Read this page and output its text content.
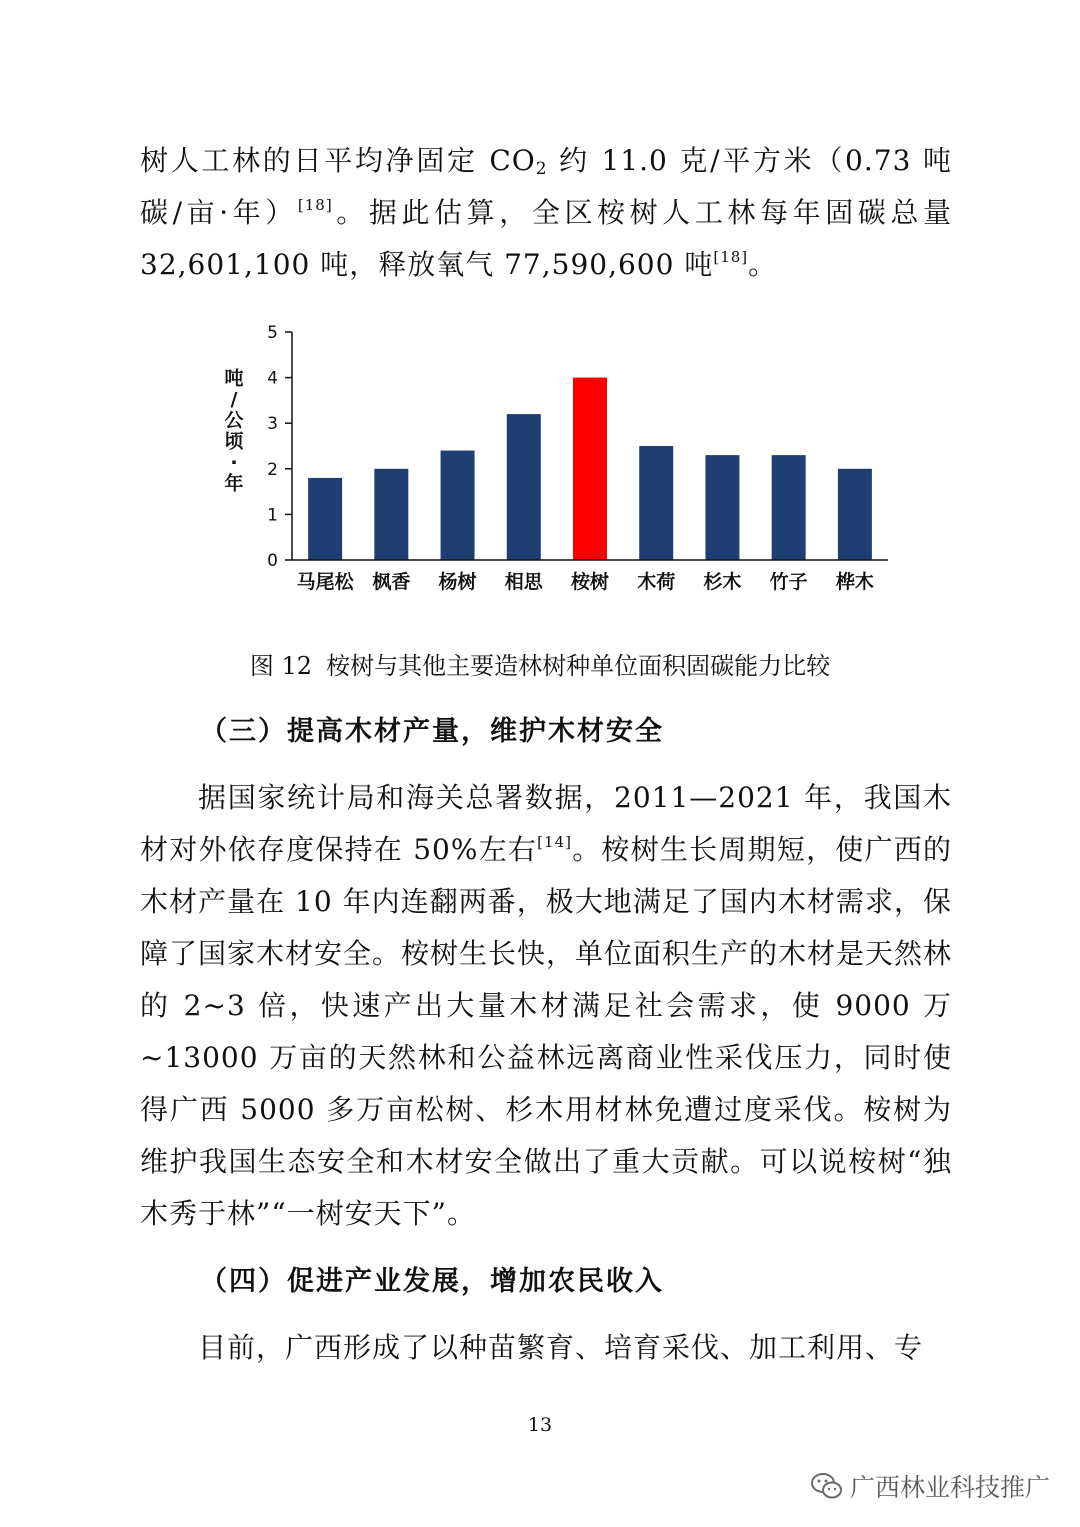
树人工林的日平均净固定 $CO_2$ 约 11.0 克/平方米（0.73 吨碳/亩·年）[18]。据此估算，全区桉树人工林每年固碳总量 32,601,100 吨，释放氧气 77,590,600 吨[18]。

吨
/
公
顷
·
年
0
1
2
3
4
5
马尾松 枫香 杨树 相思 桉树 木荷 杉木 竹子 桦木

图 12 桉树与其他主要造林树种单位面积固碳能力比较

（三）提高木材产量，维护木材安全

据国家统计局和海关总署数据，2011—2021 年，我国木材对外依存度保持在 50%左右[14]。桉树生长周期短，使广西的木材产量在 10 年内连翻两番，极大地满足了国内木材需求，保障了国家木材安全。桉树生长快，单位面积生产的木材是天然林的 2~3 倍，快速产出大量木材满足社会需求，使 9000 万~13000 万亩的天然林和公益林远离商业性采伐压力，同时使得广西 5000 多万亩松树、杉木用材林免遭过度采伐。桉树为维护我国生态安全和木材安全做出了重大贡献。可以说桉树“独木秀于林”“一树安天下”。

（四）促进产业发展，增加农民收入

目前，广西形成了以种苗繁育、培育采伐、加工利用、专

13

广西林业科技推广
